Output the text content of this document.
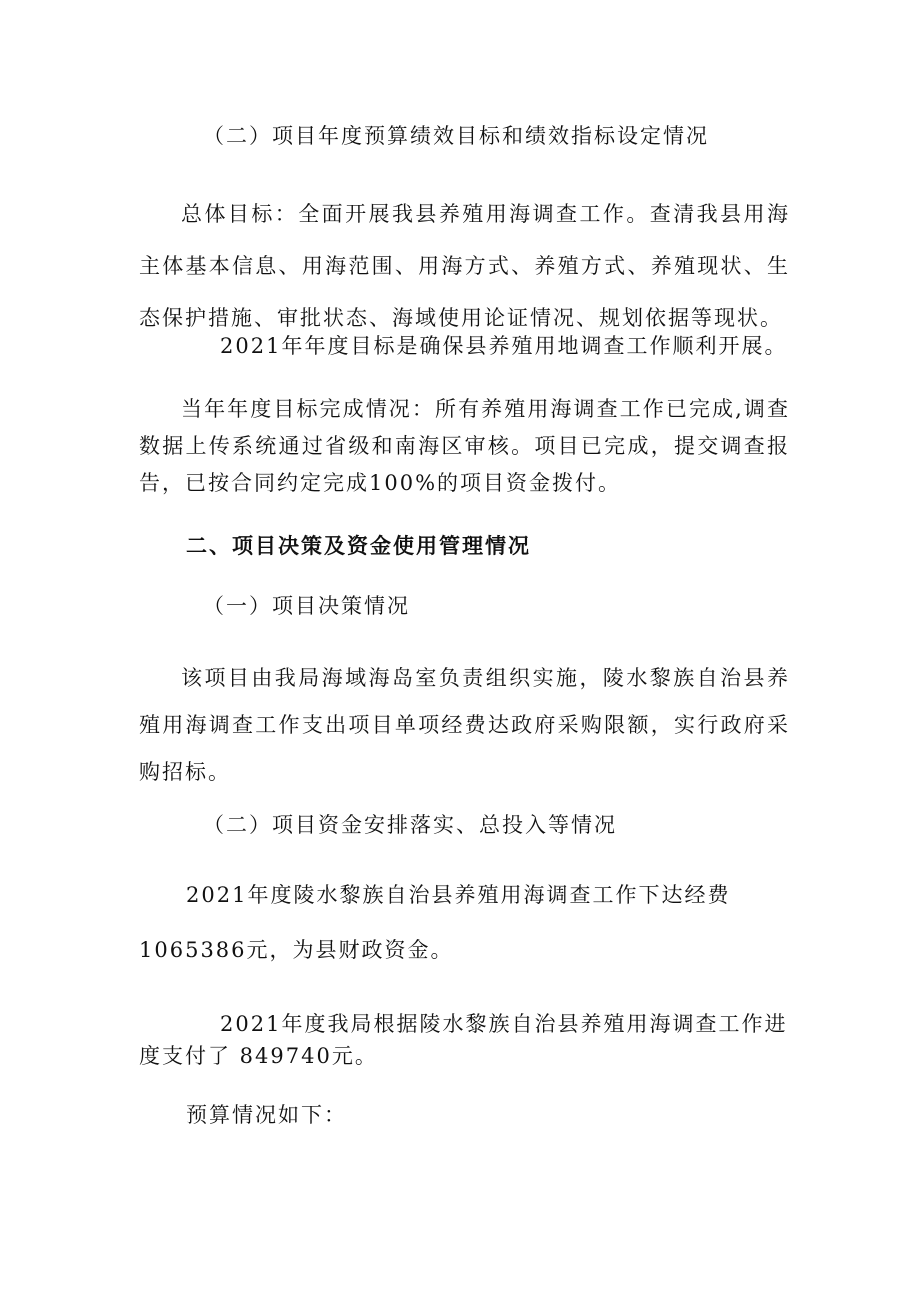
（二）项目年度预算绩效目标和绩效指标设定情况
总体目标：全面开展我县养殖用海调查工作。查清我县用海主体基本信息、用海范围、用海方式、养殖方式、养殖现状、生态保护措施、审批状态、海域使用论证情况、规划依据等现状。
2021年年度目标是确保县养殖用地调查工作顺利开展。
当年年度目标完成情况：所有养殖用海调查工作已完成,调查数据上传系统通过省级和南海区审核。项目已完成，提交调查报告，已按合同约定完成100%的项目资金拨付。
二、项目决策及资金使用管理情况
（一）项目决策情况
该项目由我局海域海岛室负责组织实施，陵水黎族自治县养殖用海调查工作支出项目单项经费达政府采购限额，实行政府采购招标。
（二）项目资金安排落实、总投入等情况
2021年度陵水黎族自治县养殖用海调查工作下达经费
1065386元，为县财政资金。
2021年度我局根据陵水黎族自治县养殖用海调查工作进
度支付了 849740元。
预算情况如下：
